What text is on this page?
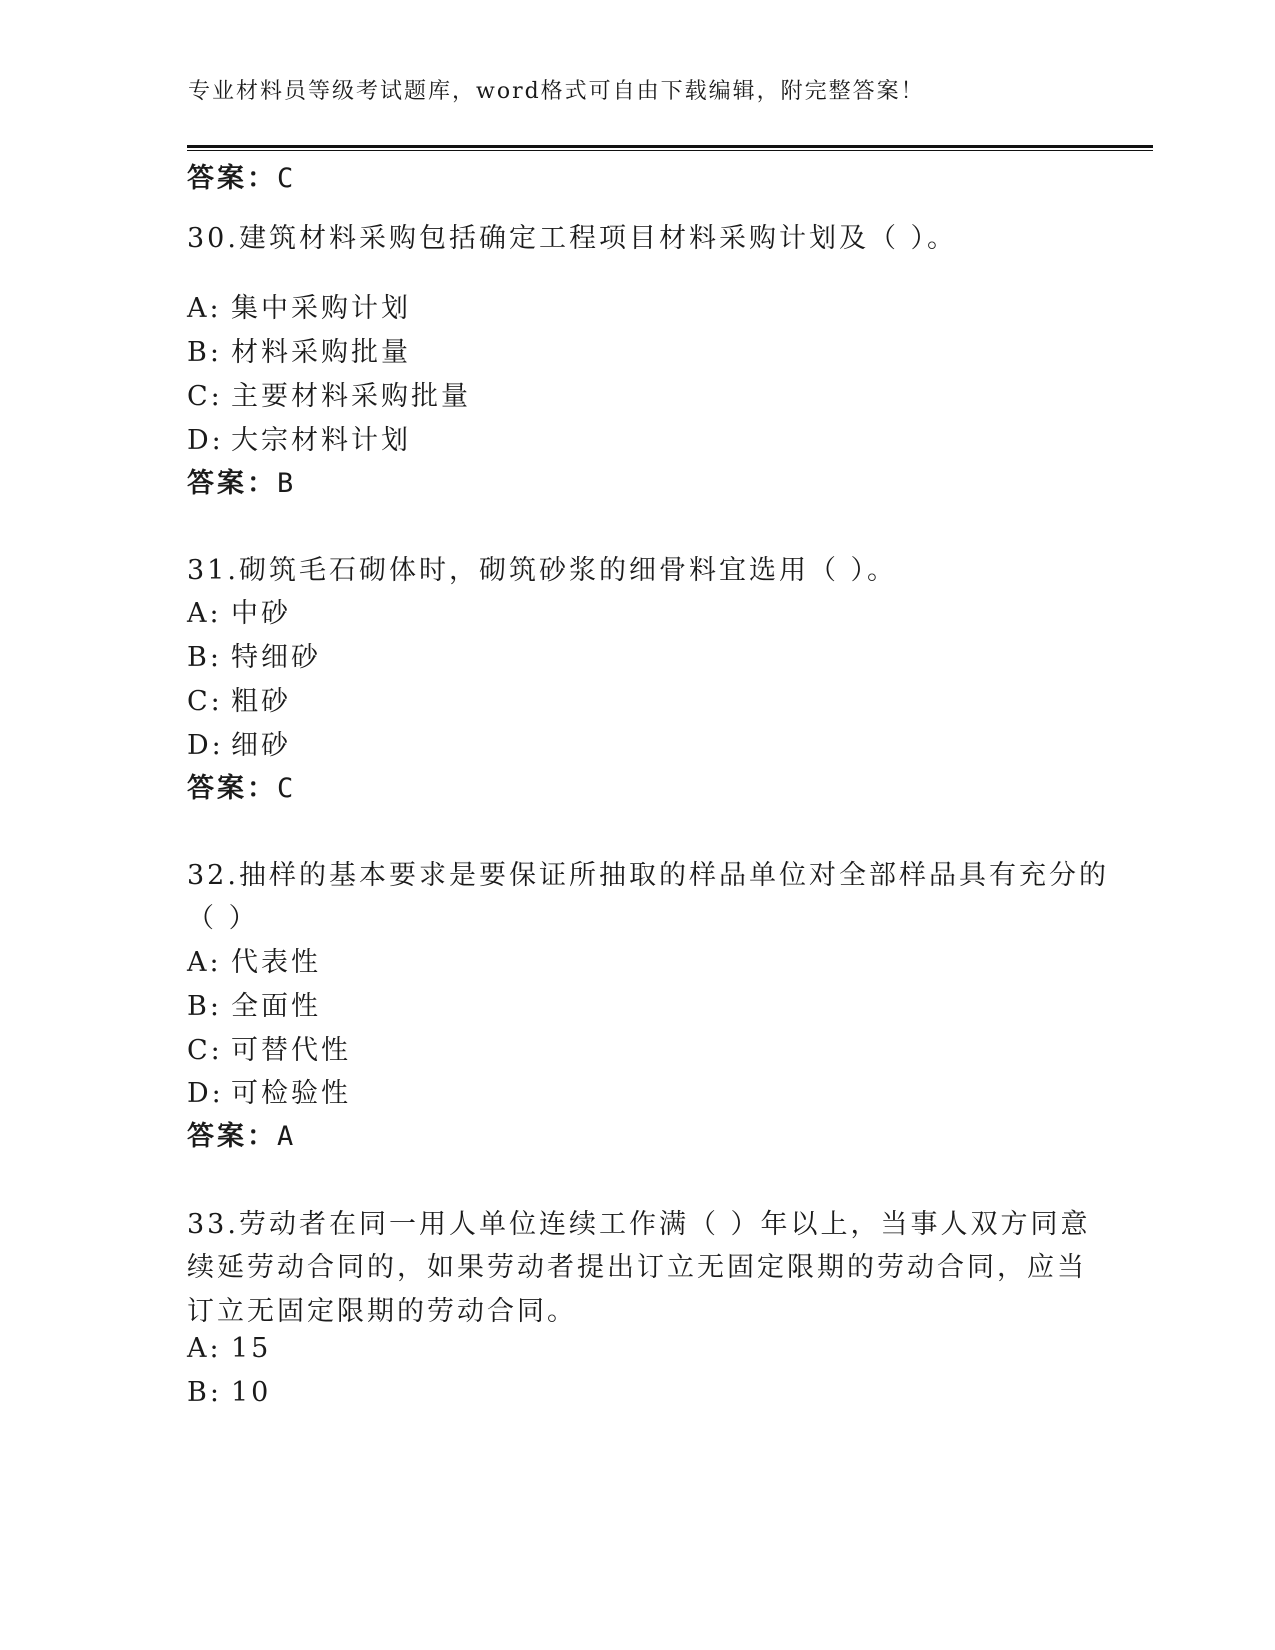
专业材料员等级考试题库，word格式可自由下载编辑，附完整答案！
答案：C
30.建筑材料采购包括确定工程项目材料采购计划及（ ）。
A: 集中采购计划
B: 材料采购批量
C: 主要材料采购批量
D: 大宗材料计划
答案：B
31.砌筑毛石砌体时，砌筑砂浆的细骨料宜选用（ ）。
A: 中砂
B: 特细砂
C: 粗砂
D: 细砂
答案：C
32.抽样的基本要求是要保证所抽取的样品单位对全部样品具有充分的
（ ）
A: 代表性
B: 全面性
C: 可替代性
D: 可检验性
答案：A
33.劳动者在同一用人单位连续工作满（ ）年以上，当事人双方同意
续延劳动合同的，如果劳动者提出订立无固定限期的劳动合同，应当
订立无固定限期的劳动合同。
A: 15
B: 10
